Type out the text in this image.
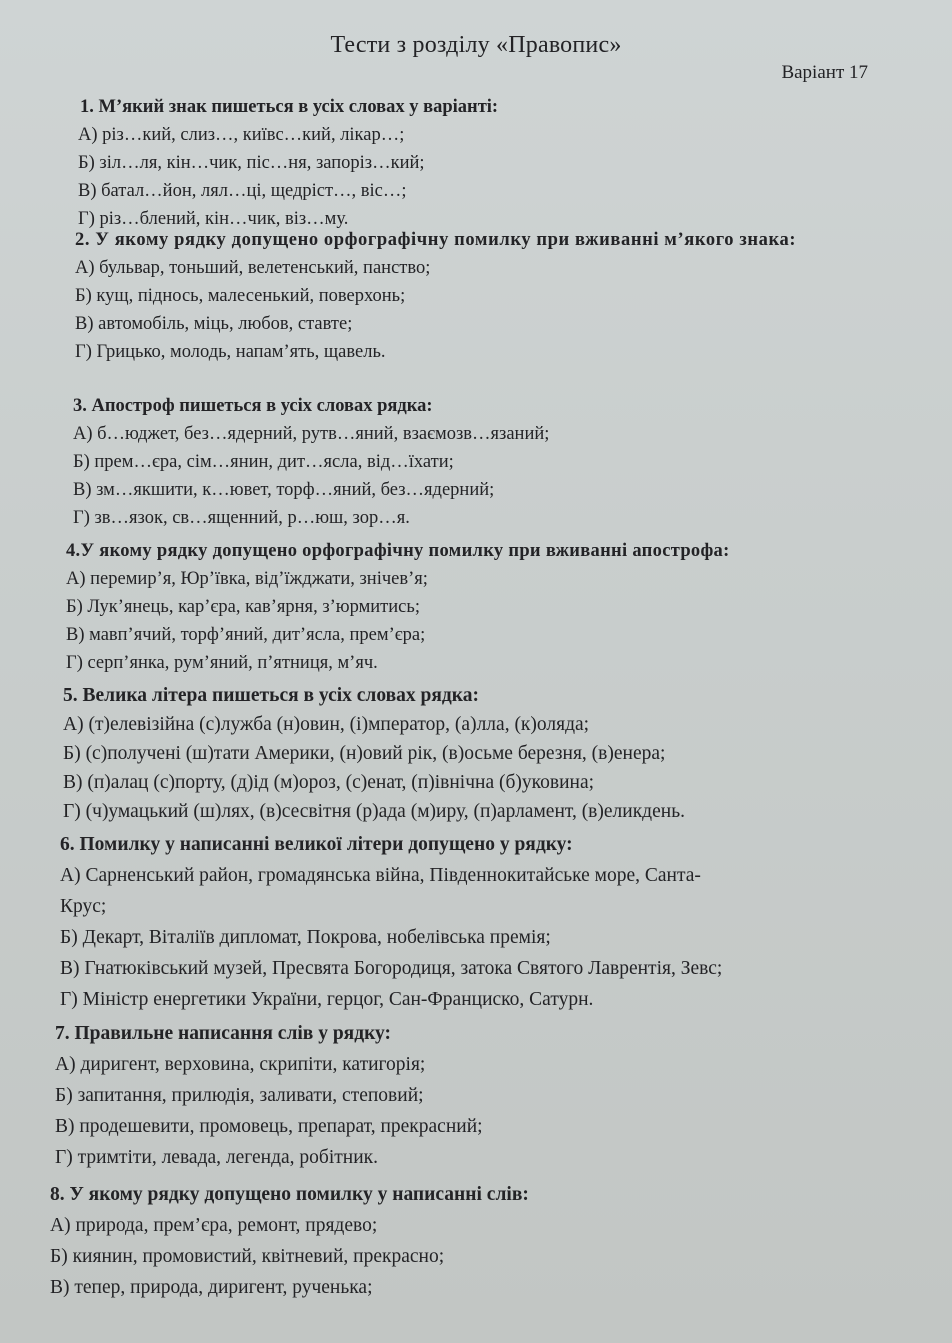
Тести з розділу «Правопис»
Варіант 17
1. М’який знак пишеться в усіх словах у варіанті:
А) різ…кий, слиз…, київс…кий, лікар…;
Б) зіл…ля, кін…чик, піс…ня, запоріз…кий;
В) батал…йон, лял…ці, щедріст…, віс…;
Г) різ…блений, кін…чик, віз…му.
2. У якому рядку допущено орфографічну помилку при вживанні м’якого знака:
А) бульвар, тоньший, велетенський, панство;
Б) кущ, піднось, малесенький, поверхонь;
В) автомобіль, міць, любов, ставте;
Г) Грицько, молодь, напам’ять, щавель.
3. Апостроф пишеться в усіх словах рядка:
А) б…юджет, без…ядерний, рутв…яний, взаємозв…язаний;
Б) прем…єра, сім…янин, дит…ясла, від…їхати;
В) зм…якшити, к…ювет, торф…яний, без…ядерний;
Г) зв…язок, св…ященний, р…юш, зор…я.
4.У якому рядку допущено орфографічну помилку при вживанні апострофа:
А) перемир’я, Юр’ївка, від’їжджати, знічев’я;
Б) Лук’янець, кар’єра, кав’ярня, з’юрмитись;
В) мавп’ячий, торф’яний, дит’ясла, прем’єра;
Г) серп’янка, рум’яний, п’ятниця, м’яч.
5. Велика літера пишеться в усіх словах рядка:
А) (т)елевізійна (с)лужба (н)овин, (і)мператор, (а)лла, (к)оляда;
Б) (с)получені (ш)тати Америки, (н)овий рік, (в)осьме березня, (в)енера;
В) (п)алац (с)порту, (д)ід (м)ороз, (с)енат, (п)івнічна (б)уковина;
Г) (ч)умацький (ш)лях, (в)сесвітня (р)ада (м)иру, (п)арламент, (в)еликдень.
6. Помилку у написанні великої літери допущено у рядку:
А) Сарненський район, громадянська війна, Південнокитайське море, Санта-
Крус;
Б) Декарт, Віталіїв дипломат, Покрова, нобелівська премія;
В) Гнатюківський музей, Пресвята Богородиця, затока Святого Лаврентія, Зевс;
Г) Міністр енергетики України, герцог, Сан-Франциско, Сатурн.
7. Правильне написання слів у рядку:
А) диригент, верховина, скрипіти, катигорія;
Б) запитання, прилюдія, заливати, степовий;
В) продешевити, промовець, препарат, прекрасний;
Г) тримтіти, левада, легенда, робітник.
8. У якому рядку допущено помилку у написанні слів:
А) природа, прем’єра, ремонт, прядево;
Б) киянин, промовистий, квітневий, прекрасно;
В) тепер, природа, диригент, рученька;
